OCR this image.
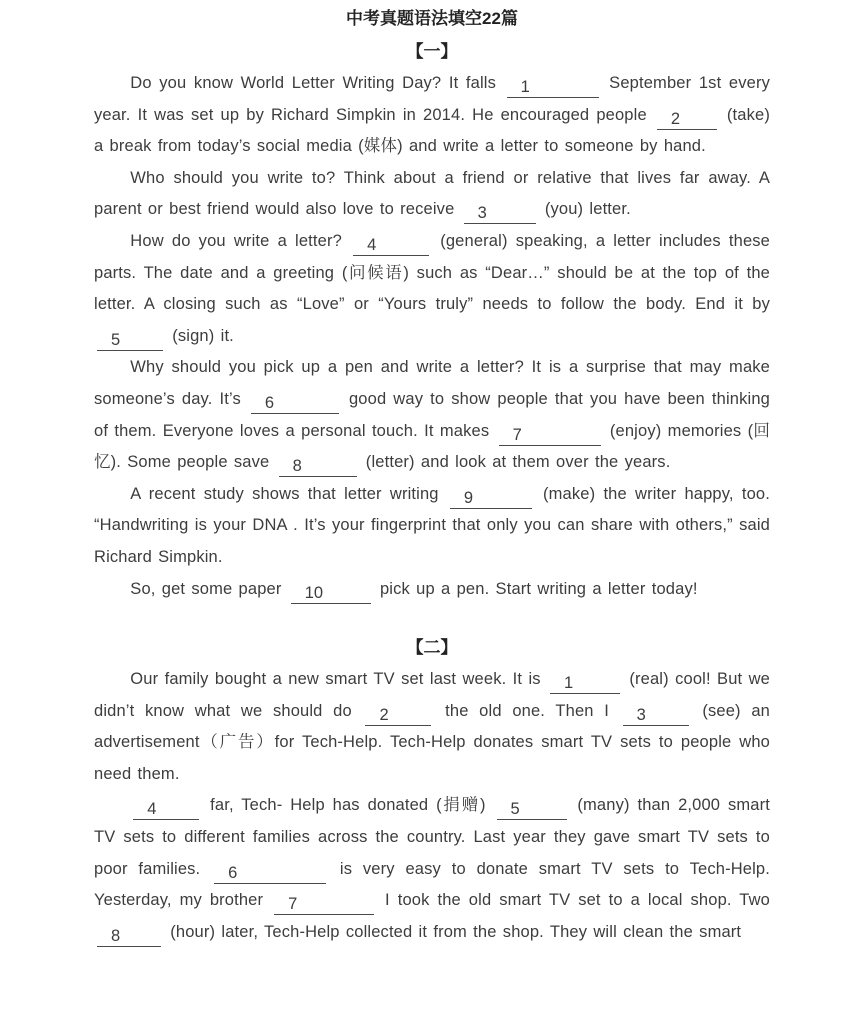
中考真题语法填空22篇
【一】

Do you know World Letter Writing Day? It falls 1	September 1st every year. It was set up by Richard Simpkin in 2014. He encouraged people 2 (take) a break from today’s social media (媒体) and write a letter to someone by hand.

Who should you write to? Think about a friend or relative that lives far away. A parent or best friend would also love to receive 3	(you) letter.

How do you write a letter? 4	(general) speaking, a letter includes these parts. The date and a greeting (问候语) such as “Dear…” should be at the top of the letter. A closing such as “Love” or “Yours truly” needs to follow the body. End it by 5	(sign) it.

Why should you pick up a pen and write a letter? It is a surprise that may make someone’s day. It’s 6	good way to show people that you have been thinking of them. Everyone loves a personal touch. It makes 7	(enjoy) memories (回忆). Some people save 8	(letter) and look at them over the years.

A recent study shows that letter writing 9	(make) the writer happy, too. “Handwriting is your DNA . It’s your fingerprint that only you can share with others,” said Richard Simpkin.

So, get some paper 10	pick up a pen. Start writing a letter today!

【二】

Our family bought a new smart TV set last week. It is 1	(real) cool! But we didn’t know what we should do 2	the old one. Then I 3	(see) an advertisement（广告）for Tech-Help. Tech-Help donates smart TV sets to people who need them.

4	far, Tech- Help has donated (捐赠) 5	(many) than 2,000 smart TV sets to different families across the country. Last year they gave smart TV sets to poor families. 6	is very easy to donate smart TV sets to Tech-Help. Yesterday, my brother 7	I took the old smart TV set to a local shop. Two 8	(hour) later, Tech-Help collected it from the shop. They will clean the smart
